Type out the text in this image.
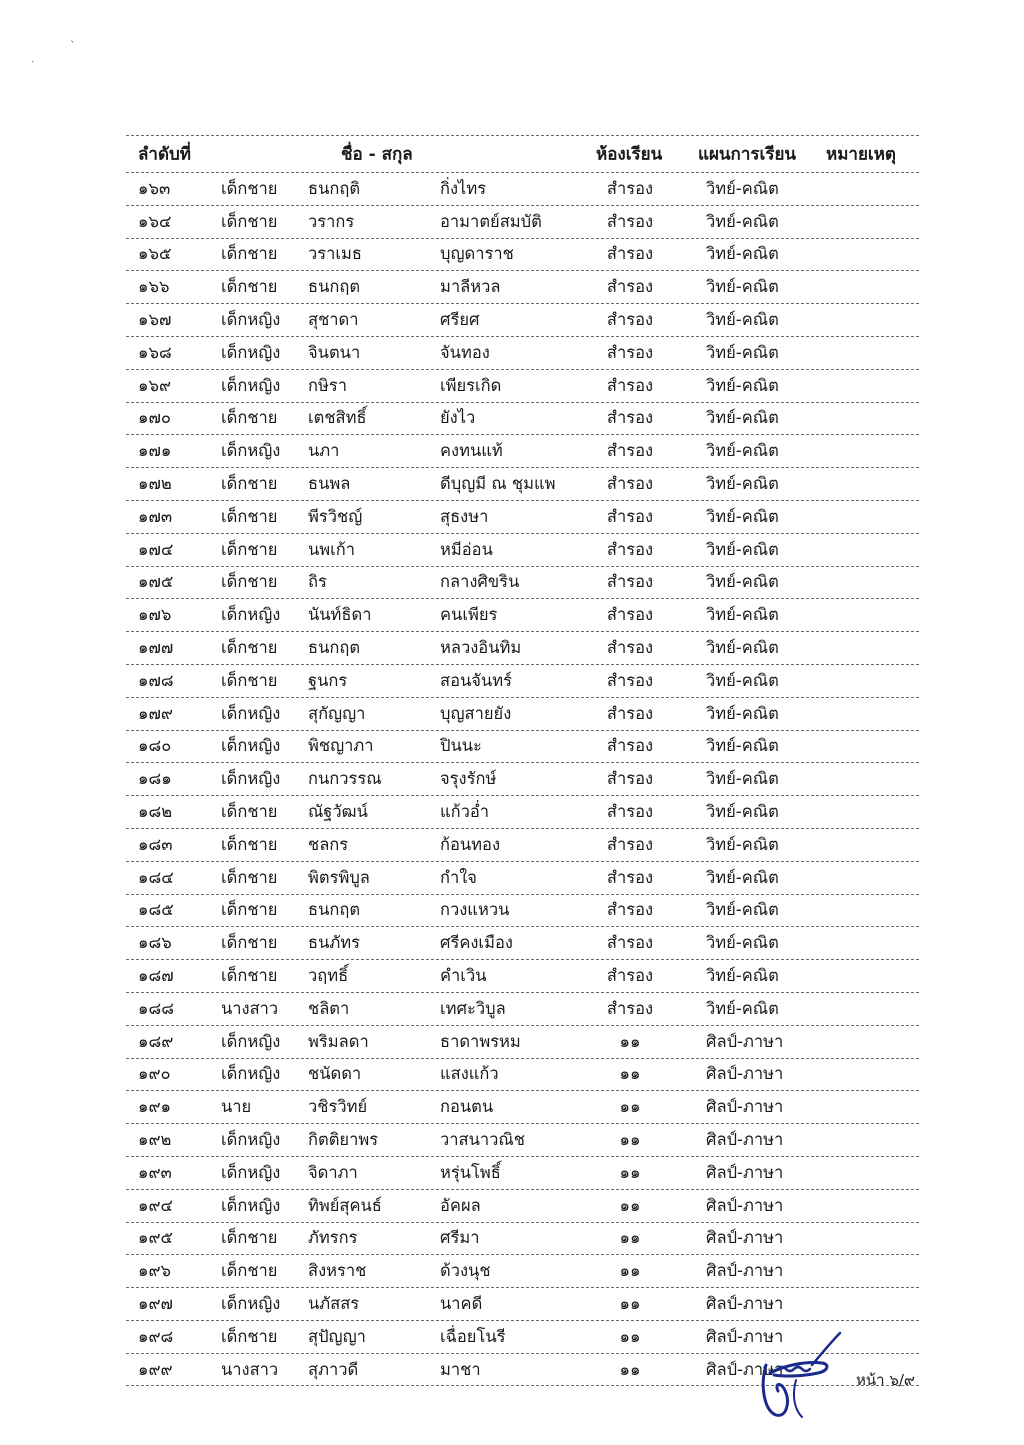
`
˙
ลำดับที่	ชื่อ - สกุล	ห้องเรียน แผนการเรียน หมายเหตุ
๑๖๓	เด็กชาย ธนกฤติ	กิ่งไทร	สำรอง	วิทย์-คณิต
๑๖๔	เด็กชาย วรากร	อามาตย์สมบัติ	สำรอง	วิทย์-คณิต
๑๖๕	เด็กชาย วราเมธ	บุญดาราช	สำรอง	วิทย์-คณิต
๑๖๖	เด็กชาย ธนกฤต	มาลีหวล	สำรอง	วิทย์-คณิต
๑๖๗	เด็กหญิง สุชาดา	ศรียศ	สำรอง	วิทย์-คณิต
๑๖๘	เด็กหญิง จินตนา	จันทอง	สำรอง	วิทย์-คณิต
๑๖๙	เด็กหญิง กษิรา	เพียรเกิด	สำรอง	วิทย์-คณิต
๑๗๐	เด็กชาย เตชสิทธิ์	ยังไว	สำรอง	วิทย์-คณิต
๑๗๑	เด็กหญิง นภา	คงทนแท้	สำรอง	วิทย์-คณิต
๑๗๒	เด็กชาย ธนพล	ดีบุญมี ณ ชุมแพ	สำรอง	วิทย์-คณิต
๑๗๓	เด็กชาย พีรวิชญ์	สุธงษา	สำรอง	วิทย์-คณิต
๑๗๔	เด็กชาย นพเก้า	หมีอ่อน	สำรอง	วิทย์-คณิต
๑๗๕	เด็กชาย ถิร	กลางศิขริน	สำรอง	วิทย์-คณิต
๑๗๖	เด็กหญิง นันท์ธิดา	คนเพียร	สำรอง	วิทย์-คณิต
๑๗๗	เด็กชาย ธนกฤต	หลวงอินทิม	สำรอง	วิทย์-คณิต
๑๗๘	เด็กชาย ฐนกร	สอนจันทร์	สำรอง	วิทย์-คณิต
๑๗๙	เด็กหญิง สุกัญญา	บุญสายยัง	สำรอง	วิทย์-คณิต
๑๘๐	เด็กหญิง พิชญาภา	ปินนะ	สำรอง	วิทย์-คณิต
๑๘๑	เด็กหญิง กนกวรรณ	จรุงรักษ์	สำรอง	วิทย์-คณิต
๑๘๒	เด็กชาย ณัฐวัฒน์	แก้วอ่ำ	สำรอง	วิทย์-คณิต
๑๘๓	เด็กชาย ชลกร	ก้อนทอง	สำรอง	วิทย์-คณิต
๑๘๔	เด็กชาย พิตรพิบูล	กำใจ	สำรอง	วิทย์-คณิต
๑๘๕	เด็กชาย ธนกฤต	กวงแหวน	สำรอง	วิทย์-คณิต
๑๘๖	เด็กชาย ธนภัทร	ศรีคงเมือง	สำรอง	วิทย์-คณิต
๑๘๗	เด็กชาย วฤทธิ์	คำเวิน	สำรอง	วิทย์-คณิต
๑๘๘	นางสาว ชลิตา	เทศะวิบูล	สำรอง	วิทย์-คณิต
๑๘๙	เด็กหญิง พริมลดา	ธาดาพรหม	๑๑	ศิลป์-ภาษา
๑๙๐	เด็กหญิง ชนัดดา	แสงแก้ว	๑๑	ศิลป์-ภาษา
๑๙๑	นาย	วชิรวิทย์	กอนตน	๑๑	ศิลป์-ภาษา
๑๙๒	เด็กหญิง กิตติยาพร	วาสนาวณิช	๑๑	ศิลป์-ภาษา
๑๙๓	เด็กหญิง จิดาภา	หรุ่นโพธิ์	๑๑	ศิลป์-ภาษา
๑๙๔	เด็กหญิง ทิพย์สุคนธ์	อัคผล	๑๑	ศิลป์-ภาษา
๑๙๕	เด็กชาย ภัทรกร	ศรีมา	๑๑	ศิลป์-ภาษา
๑๙๖	เด็กชาย สิงหราช	ด้วงนุช	๑๑	ศิลป์-ภาษา
๑๙๗	เด็กหญิง นภัสสร	นาคดี	๑๑	ศิลป์-ภาษา
๑๙๘	เด็กชาย สุปัญญา	เฉื่อยโนรี	๑๑	ศิลป์-ภาษา
๑๙๙	นางสาว สุภาวดี	มาชา	๑๑	ศิลป์-ภาษา
หน้า ๖/๙
